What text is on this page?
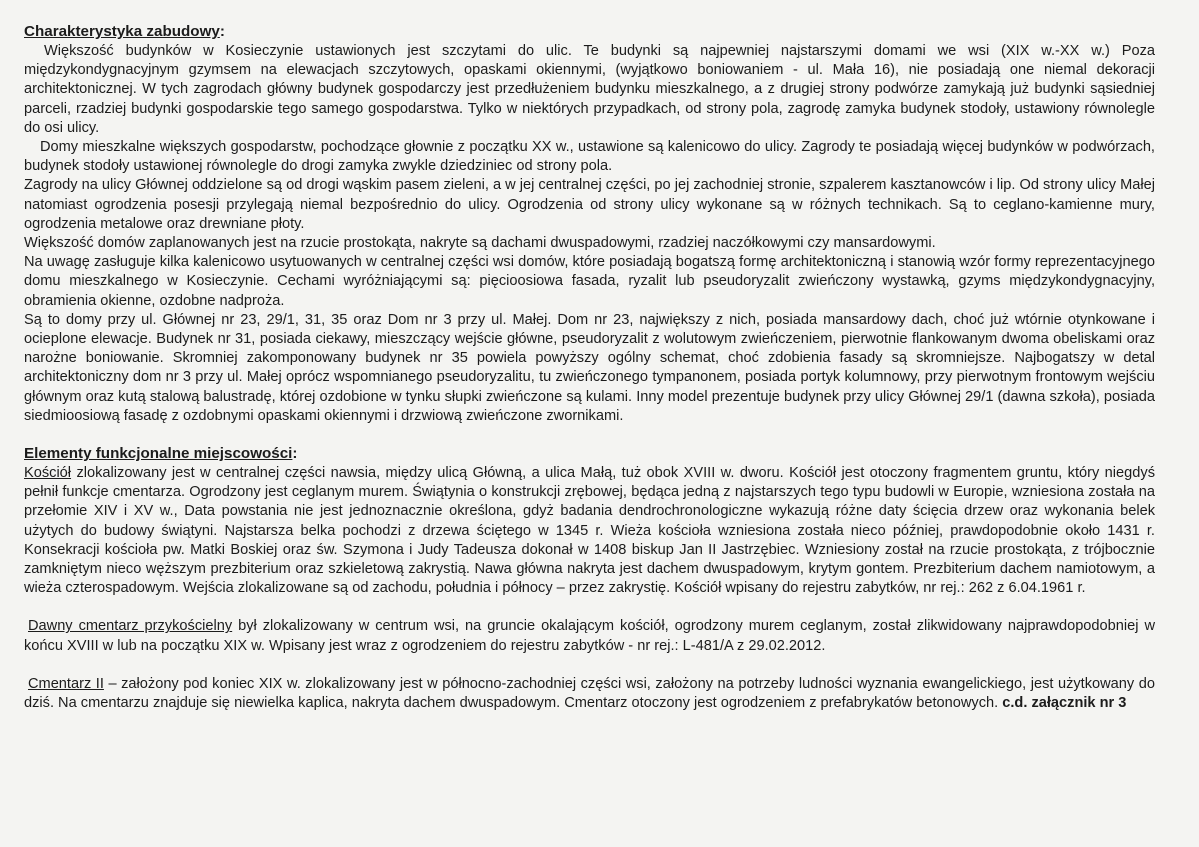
Charakterystyka zabudowy:

Większość budynków w Kosieczynie ustawionych jest szczytami do ulic. Te budynki są najpewniej najstarszymi domami we wsi (XIX w.-XX w.) Poza międzykondygnacyjnym gzymsem na elewacjach szczytowych, opaskami okiennymi, (wyjątkowo boniowaniem - ul. Mała 16), nie posiadają one niemal dekoracji architektonicznej. W tych zagrodach główny budynek gospodarczy jest przedłużeniem budynku mieszkalnego, a z drugiej strony podwórze zamykają już budynki sąsiedniej parceli, rzadziej budynki gospodarskie tego samego gospodarstwa. Tylko w niektórych przypadkach, od strony pola, zagrodę zamyka budynek stodoły, ustawiony równolegle do osi ulicy.

Domy mieszkalne większych gospodarstw, pochodzące głownie z początku XX w., ustawione są kalenicowo do ulicy. Zagrody te posiadają więcej budynków w podwórzach, budynek stodoły ustawionej równolegle do drogi zamyka zwykle dziedziniec od strony pola.

Zagrody na ulicy Głównej oddzielone są od drogi wąskim pasem zieleni, a w jej centralnej części, po jej zachodniej stronie, szpalerem kasztanowców i lip. Od strony ulicy Małej natomiast ogrodzenia posesji przylegają niemal bezpośrednio do ulicy. Ogrodzenia od strony ulicy wykonane są w różnych technikach. Są to ceglano-kamienne mury, ogrodzenia metalowe oraz drewniane płoty.

Większość domów zaplanowanych jest na rzucie prostokąta, nakryte są dachami dwuspadowymi, rzadziej naczółkowymi czy mansardowymi.

Na uwagę zasługuje kilka kalenicowo usytuowanych w centralnej części wsi domów, które posiadają bogatszą formę architektoniczną i stanowią wzór formy reprezentacyjnego domu mieszkalnego w Kosieczynie. Cechami wyróżniającymi są: pięcioosiowa fasada, ryzalit lub pseudoryzalit zwieńczony wystawką, gzyms międzykondygnacyjny, obramienia okienne, ozdobne nadproża.

Są to domy przy ul. Głównej nr 23, 29/1, 31, 35 oraz Dom nr 3 przy ul. Małej. Dom nr 23, największy z nich, posiada mansardowy dach, choć już wtórnie otynkowane i ocieplone elewacje. Budynek nr 31, posiada ciekawy, mieszczący wejście główne, pseudoryzalit z wolutowym zwieńczeniem, pierwotnie flankowanym dwoma obeliskami oraz narożne boniowanie. Skromniej zakomponowany budynek nr 35 powiela powyższy ogólny schemat, choć zdobienia fasady są skromniejsze. Najbogatszy w detal architektoniczny dom nr 3 przy ul. Małej oprócz wspomnianego pseudoryzalitu, tu zwieńczonego tympanonem, posiada portyk kolumnowy, przy pierwotnym frontowym wejściu głównym oraz kutą stalową balustradę, której ozdobione w tynku słupki zwieńczone są kulami. Inny model prezentuje budynek przy ulicy Głównej 29/1 (dawna szkoła), posiada siedmioosiową fasadę z ozdobnymi opaskami okiennymi i drzwiową zwieńczone zwornikami.

Elementy funkcjonalne miejscowości:

Kościół zlokalizowany jest w centralnej części nawsia, między ulicą Główną, a ulica Małą, tuż obok XVIII w. dworu. Kościół jest otoczony fragmentem gruntu, który niegdyś pełnił funkcje cmentarza. Ogrodzony jest ceglanym murem. Świątynia o konstrukcji zrębowej, będąca jedną z najstarszych tego typu budowli w Europie, wzniesiona została na przełomie XIV i XV w., Data powstania nie jest jednoznacznie określona, gdyż badania dendrochronologiczne wykazują różne daty ścięcia drzew oraz wykonania belek użytych do budowy świątyni. Najstarsza belka pochodzi z drzewa ściętego w 1345 r. Wieża kościoła wzniesiona została nieco później, prawdopodobnie około 1431 r. Konsekracji kościoła pw. Matki Boskiej oraz św. Szymona i Judy Tadeusza dokonał w 1408 biskup Jan II Jastrzębiec. Wzniesiony został na rzucie prostokąta, z trójbocznie zamkniętym nieco węższym prezbiterium oraz szkieletową zakrystią. Nawa główna nakryta jest dachem dwuspadowym, krytym gontem. Prezbiterium dachem namiotowym, a wieża czterospadowym. Wejścia zlokalizowane są od zachodu, południa i północy – przez zakrystię. Kościół wpisany do rejestru zabytków, nr rej.: 262 z 6.04.1961 r.

Dawny cmentarz przykościelny był zlokalizowany w centrum wsi, na gruncie okalającym kościół, ogrodzony murem ceglanym, został zlikwidowany najprawdopodobniej w końcu XVIII w lub na początku XIX w. Wpisany jest wraz z ogrodzeniem do rejestru zabytków - nr rej.: L-481/A z 29.02.2012.

Cmentarz II – założony pod koniec XIX w. zlokalizowany jest w północno-zachodniej części wsi, założony na potrzeby ludności wyznania ewangelickiego, jest użytkowany do dziś. Na cmentarzu znajduje się niewielka kaplica, nakryta dachem dwuspadowym. Cmentarz otoczony jest ogrodzeniem z prefabrykatów betonowych. c.d. załącznik nr 3
